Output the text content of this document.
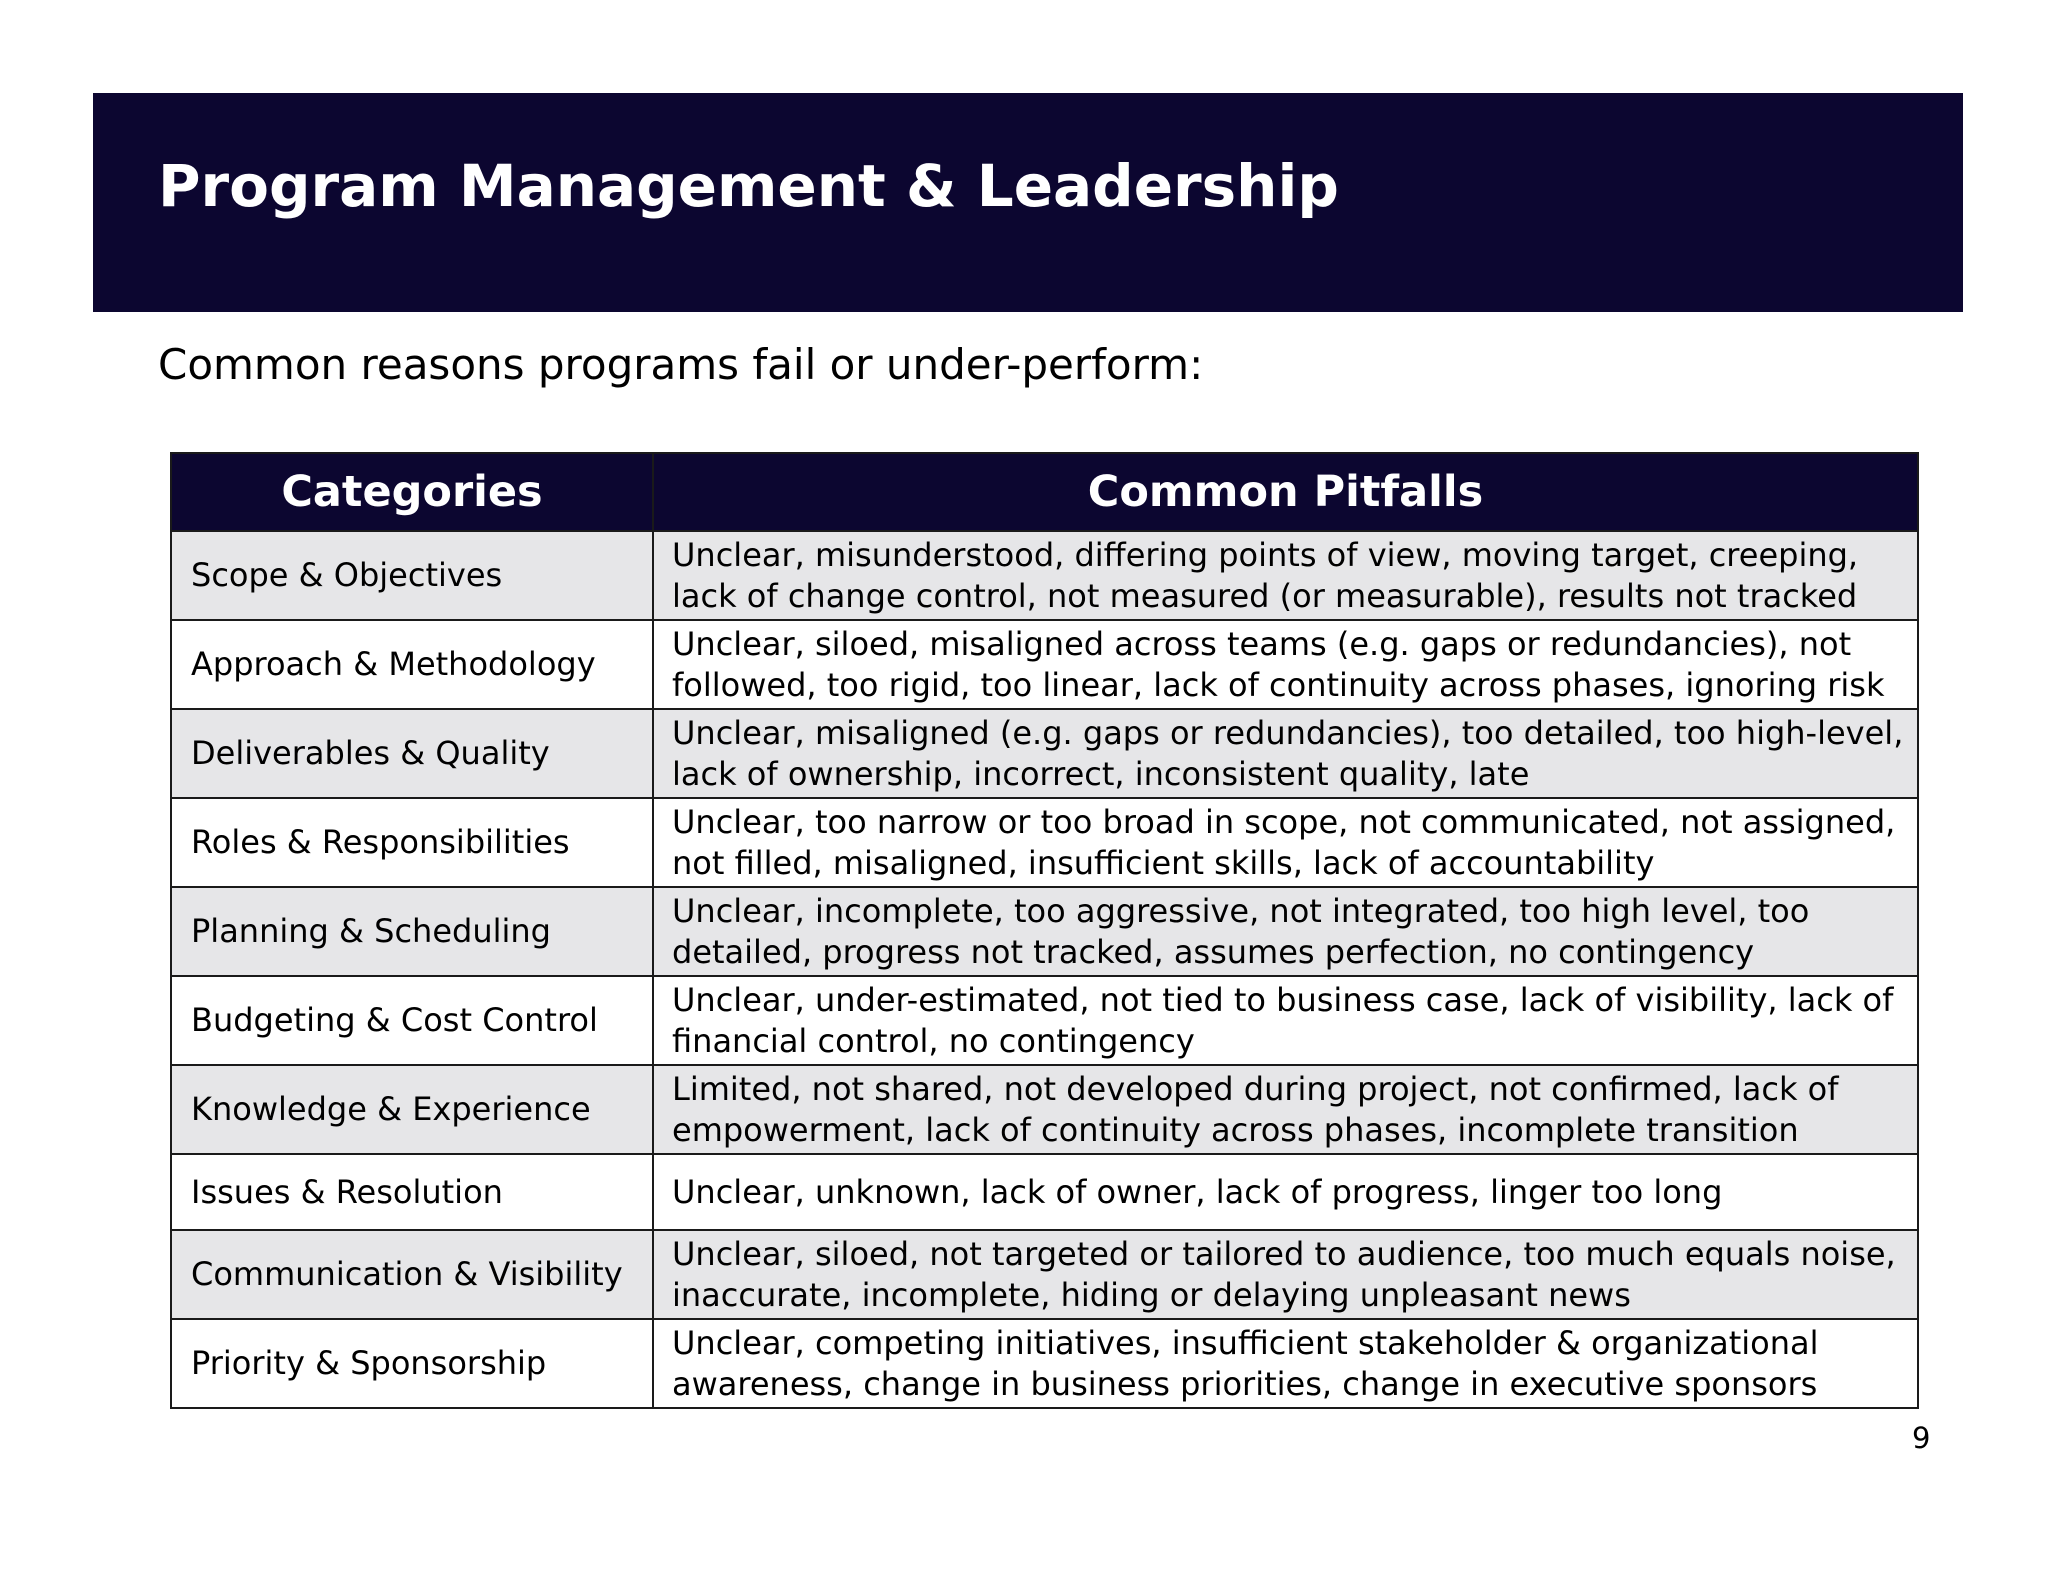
Program Management & Leadership

Common reasons programs fail or under-perform:

Categories	Common Pitfalls
Scope & Objectives	Unclear, misunderstood, differing points of view, moving target, creeping, lack of change control, not measured (or measurable), results not tracked
Approach & Methodology	Unclear, siloed, misaligned across teams (e.g. gaps or redundancies), not followed, too rigid, too linear, lack of continuity across phases, ignoring risk
Deliverables & Quality	Unclear, misaligned (e.g. gaps or redundancies), too detailed, too high-level, lack of ownership, incorrect, inconsistent quality, late
Roles & Responsibilities	Unclear, too narrow or too broad in scope, not communicated, not assigned, not filled, misaligned, insufficient skills, lack of accountability
Planning & Scheduling	Unclear, incomplete, too aggressive, not integrated, too high level, too detailed, progress not tracked, assumes perfection, no contingency
Budgeting & Cost Control	Unclear, under-estimated, not tied to business case, lack of visibility, lack of financial control, no contingency
Knowledge & Experience	Limited, not shared, not developed during project, not confirmed, lack of empowerment, lack of continuity across phases, incomplete transition
Issues & Resolution	Unclear, unknown, lack of owner, lack of progress, linger too long
Communication & Visibility	Unclear, siloed, not targeted or tailored to audience, too much equals noise, inaccurate, incomplete, hiding or delaying unpleasant news
Priority & Sponsorship	Unclear, competing initiatives, insufficient stakeholder & organizational awareness, change in business priorities, change in executive sponsors
9
